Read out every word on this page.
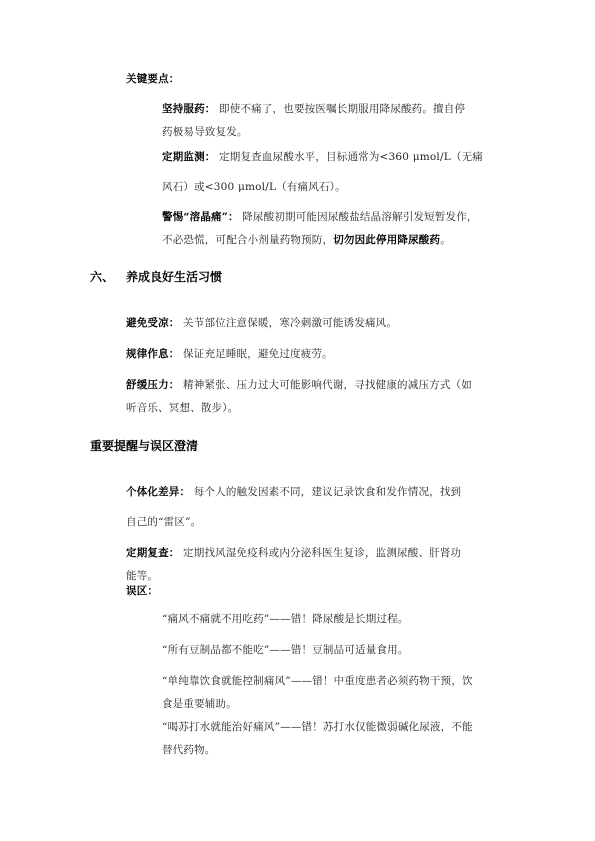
关键要点：
坚持服药： 即使不痛了，也要按医嘱长期服用降尿酸药。擅自停
药极易导致复发。
定期监测： 定期复查血尿酸水平，目标通常为<360 μmol/L（无痛
风石）或<300 μmol/L（有痛风石）。
警惕“溶晶痛”： 降尿酸初期可能因尿酸盐结晶溶解引发短暂发作，
不必恐慌，可配合小剂量药物预防，切勿因此停用降尿酸药。
六、 养成良好生活习惯
避免受凉： 关节部位注意保暖，寒冷刺激可能诱发痛风。
规律作息： 保证充足睡眠，避免过度疲劳。
舒缓压力： 精神紧张、压力过大可能影响代谢，寻找健康的减压方式（如
听音乐、冥想、散步）。
重要提醒与误区澄清
个体化差异： 每个人的触发因素不同，建议记录饮食和发作情况，找到
自己的“雷区”。
定期复查： 定期找风湿免疫科或内分泌科医生复诊，监测尿酸、肝肾功
能等。
误区：
“痛风不痛就不用吃药”——错！降尿酸是长期过程。
“所有豆制品都不能吃”——错！豆制品可适量食用。
“单纯靠饮食就能控制痛风”——错！中重度患者必须药物干预，饮
食是重要辅助。
“喝苏打水就能治好痛风”——错！苏打水仅能微弱碱化尿液，不能
替代药物。
